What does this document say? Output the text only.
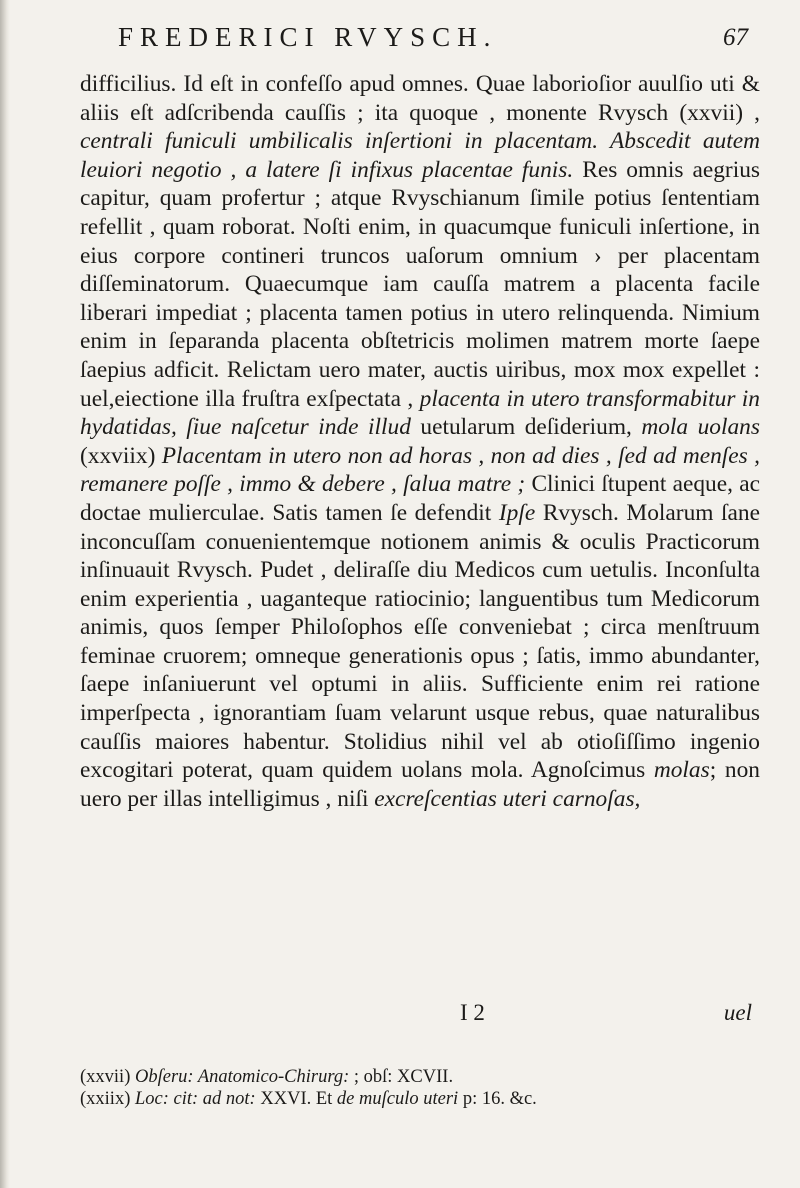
FREDERICI RVYSCH.	67

difficilius. Id eſt in confeſſo apud omnes. Quae laborioſior auulſio uti & aliis eſt adſcribenda cauſſis ; ita quoque , monente Rvysch (xxvii) , centrali funiculi umbilicalis inſertioni in placentam. Abscedit autem leuiori negotio , a latere ſi infixus placentae funis. Res omnis aegrius capitur, quam profertur ; atque Rvyschianum ſimile potius ſententiam refellit , quam roborat. Noſti enim, in quacumque funiculi inſertione, in eius corpore contineri truncos uaſorum omnium › per placentam diſſeminatorum. Quaecumque iam cauſſa matrem a placenta facile liberari impediat ; placenta tamen potius in utero relinquenda. Nimium enim in ſeparanda placenta obſtetricis molimen matrem morte ſaepe ſaepius adficit. Relictam uero mater, auctis uiribus, mox mox expellet : uel,eiectione illa fruſtra exſpectata , placenta in utero transformabitur in hydatidas, ſiue naſcetur inde illud uetularum deſiderium, mola uolans (xxviix) Placentam in utero non ad horas , non ad dies , ſed ad menſes , remanere poſſe , immo & debere , ſalua matre ; Clinici ſtupent aeque, ac doctae mulierculae. Satis tamen ſe defendit Ipſe Rvysch. Molarum ſane inconcuſſam conuenientemque notionem animis & oculis Practicorum inſinuauit Rvysch. Pudet , deliraſſe diu Medicos cum uetulis. Inconſulta enim experientia , uaganteque ratiocinio; languentibus tum Medicorum animis, quos ſemper Philoſophos eſſe conveniebat ; circa menſtruum feminae cruorem; omneque generationis opus ; ſatis, immo abundanter, ſaepe inſaniuerunt vel optumi in aliis. Sufficiente enim rei ratione imperſpecta , ignorantiam ſuam velarunt usque rebus, quae naturalibus cauſſis maiores habentur. Stolidius nihil vel ab otioſiſſimo ingenio excogitari poterat, quam quidem uolans mola. Agnoſcimus molas; non uero per illas intelligimus , niſi excreſcentias uteri carnoſas,

I 2	uel
(xxvii) Obſeru: Anatomico-Chirurg: ; obſ: XCVII.
(xxiix) Loc: cit: ad not: XXVI. Et de muſculo uteri p: 16. &c.
